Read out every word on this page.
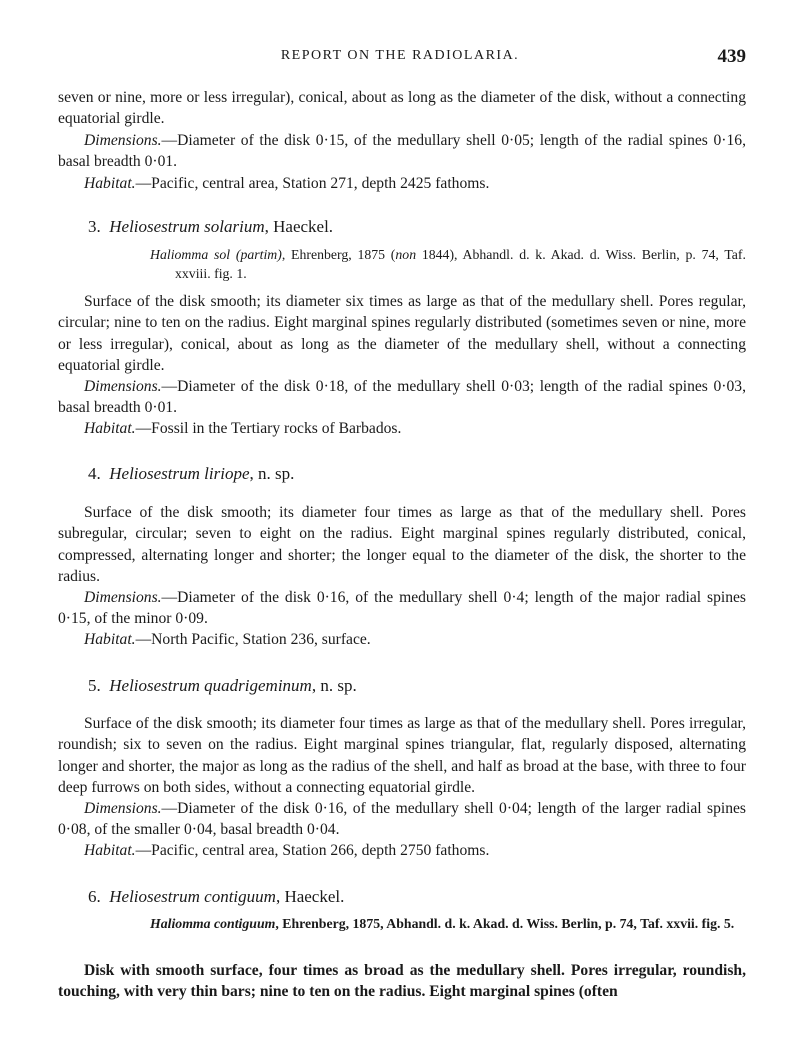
REPORT ON THE RADIOLARIA.	439

seven or nine, more or less irregular), conical, about as long as the diameter of the disk, without a connecting equatorial girdle.

Dimensions.—Diameter of the disk 0·15, of the medullary shell 0·05; length of the radial spines 0·16, basal breadth 0·01.

Habitat.—Pacific, central area, Station 271, depth 2425 fathoms.

3. Heliosestrum solarium, Haeckel.

Haliomma sol (partim), Ehrenberg, 1875 (non 1844), Abhandl. d. k. Akad. d. Wiss. Berlin, p. 74, Taf. xxviii. fig. 1.

Surface of the disk smooth; its diameter six times as large as that of the medullary shell. Pores regular, circular; nine to ten on the radius. Eight marginal spines regularly distributed (sometimes seven or nine, more or less irregular), conical, about as long as the diameter of the medullary shell, without a connecting equatorial girdle.

Dimensions.—Diameter of the disk 0·18, of the medullary shell 0·03; length of the radial spines 0·03, basal breadth 0·01.

Habitat.—Fossil in the Tertiary rocks of Barbados.

4. Heliosestrum liriope, n. sp.

Surface of the disk smooth; its diameter four times as large as that of the medullary shell. Pores subregular, circular; seven to eight on the radius. Eight marginal spines regularly distributed, conical, compressed, alternating longer and shorter; the longer equal to the diameter of the disk, the shorter to the radius.

Dimensions.—Diameter of the disk 0·16, of the medullary shell 0·4; length of the major radial spines 0·15, of the minor 0·09.

Habitat.—North Pacific, Station 236, surface.

5. Heliosestrum quadrigeminum, n. sp.

Surface of the disk smooth; its diameter four times as large as that of the medullary shell. Pores irregular, roundish; six to seven on the radius. Eight marginal spines triangular, flat, regularly disposed, alternating longer and shorter, the major as long as the radius of the shell, and half as broad at the base, with three to four deep furrows on both sides, without a connecting equatorial girdle.

Dimensions.—Diameter of the disk 0·16, of the medullary shell 0·04; length of the larger radial spines 0·08, of the smaller 0·04, basal breadth 0·04.

Habitat.—Pacific, central area, Station 266, depth 2750 fathoms.

6. Heliosestrum contiguum, Haeckel.

Haliomma contiguum, Ehrenberg, 1875, Abhandl. d. k. Akad. d. Wiss. Berlin, p. 74, Taf. xxvii. fig. 5.

Disk with smooth surface, four times as broad as the medullary shell. Pores irregular, roundish, touching, with very thin bars; nine to ten on the radius. Eight marginal spines (often
